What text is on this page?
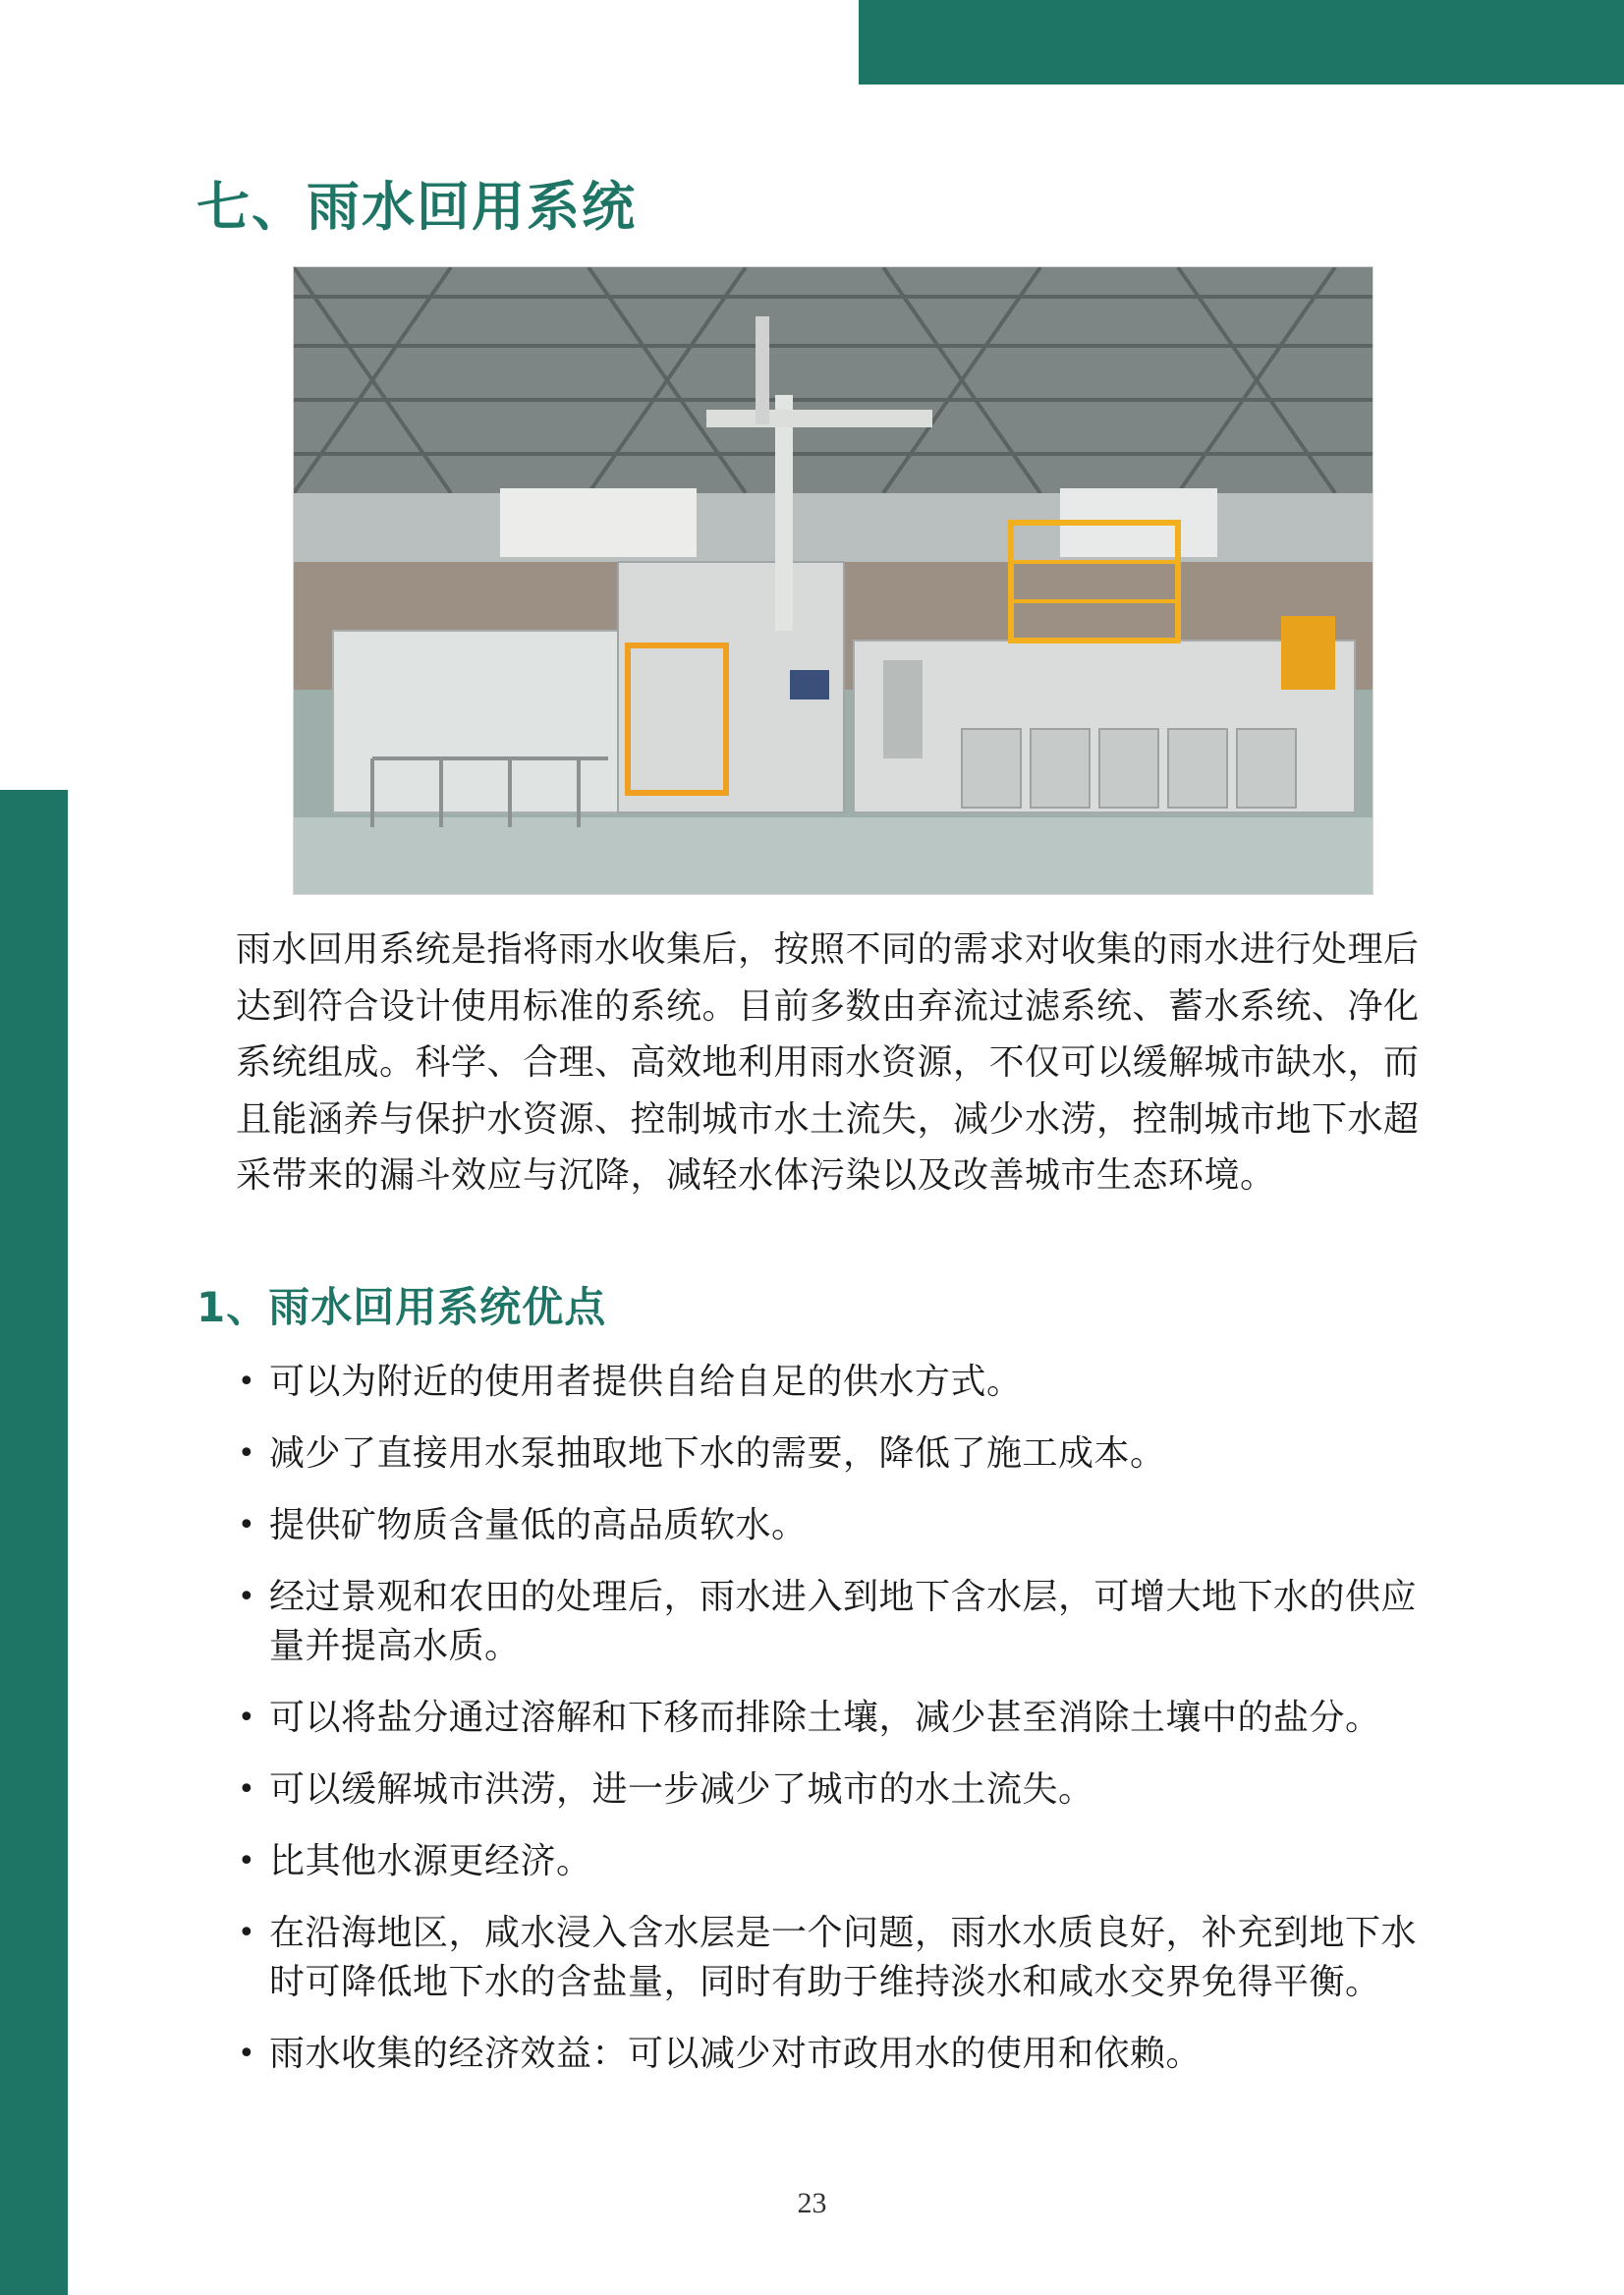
七、雨水回用系统

雨水回用系统是指将雨水收集后，按照不同的需求对收集的雨水进行处理后达到符合设计使用标准的系统。目前多数由弃流过滤系统、蓄水系统、净化系统组成。科学、合理、高效地利用雨水资源，不仅可以缓解城市缺水，而且能涵养与保护水资源、控制城市水土流失，减少水涝，控制城市地下水超采带来的漏斗效应与沉降，减轻水体污染以及改善城市生态环境。

1、雨水回用系统优点
• 可以为附近的使用者提供自给自足的供水方式。
• 减少了直接用水泵抽取地下水的需要，降低了施工成本。
• 提供矿物质含量低的高品质软水。
• 经过景观和农田的处理后，雨水进入到地下含水层，可增大地下水的供应量并提高水质。
• 可以将盐分通过溶解和下移而排除土壤，减少甚至消除土壤中的盐分。
• 可以缓解城市洪涝，进一步减少了城市的水土流失。
• 比其他水源更经济。
• 在沿海地区，咸水浸入含水层是一个问题，雨水水质良好，补充到地下水时可降低地下水的含盐量，同时有助于维持淡水和咸水交界免得平衡。
• 雨水收集的经济效益：可以减少对市政用水的使用和依赖。
23
